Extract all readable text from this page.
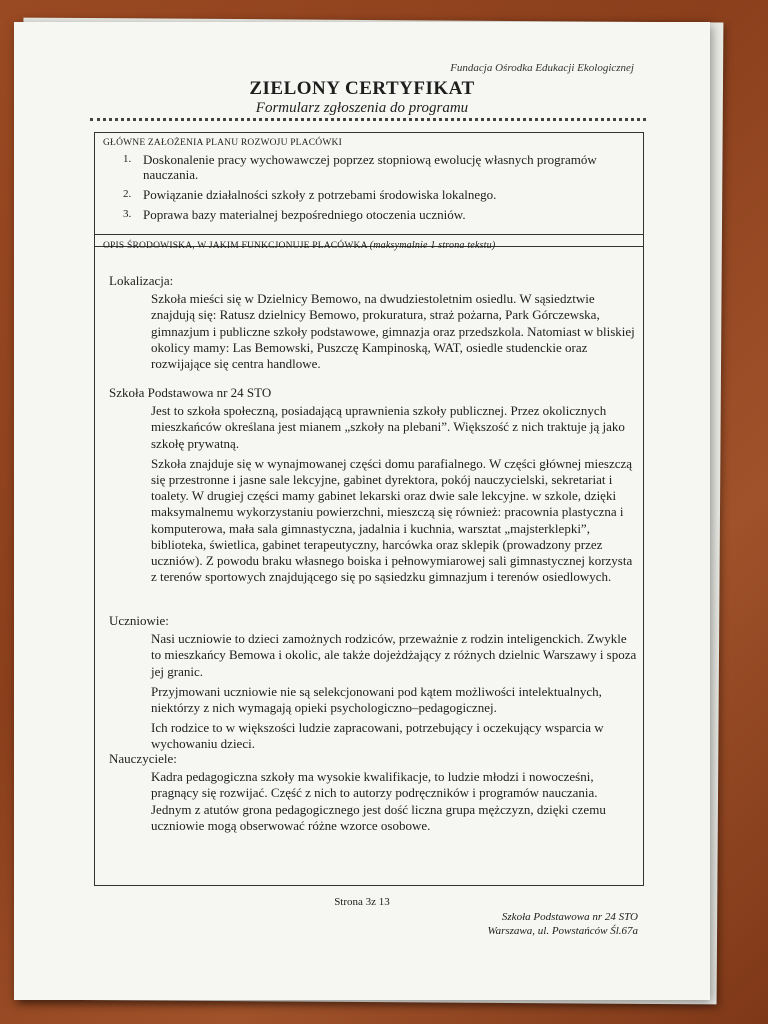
Fundacja Ośrodka Edukacji Ekologicznej
ZIELONY CERTYFIKAT
Formularz zgłoszenia do programu
GŁÓWNE ZAŁOŻENIA PLANU ROZWOJU PLACÓWKI
1. Doskonalenie pracy wychowawczej poprzez stopniową ewolucję własnych programów nauczania.
2. Powiązanie działalności szkoły z potrzebami środowiska lokalnego.
3. Poprawa bazy materialnej bezpośredniego otoczenia uczniów.
OPIS ŚRODOWISKA, W JAKIM FUNKCJONUJE PLACÓWKA (maksymalnie 1 strona tekstu)
Lokalizacja:
Szkoła mieści się w Dzielnicy Bemowo, na dwudziestoletnim osiedlu. W sąsiedztwie znajdują się: Ratusz dzielnicy Bemowo, prokuratura, straż pożarna, Park Górczewska, gimnazjum i publiczne szkoły podstawowe, gimnazja oraz przedszkola. Natomiast w bliskiej okolicy mamy: Las Bemowski, Puszczę Kampinoską, WAT, osiedle studenckie oraz rozwijające się centra handlowe.
Szkoła Podstawowa nr 24 STO
Jest to szkoła społeczną, posiadającą uprawnienia szkoły publicznej. Przez okolicznych mieszkańców określana jest mianem „szkoły na plebani”. Większość z nich traktuje ją jako szkołę prywatną.
Szkoła znajduje się w wynajmowanej części domu parafialnego. W części głównej mieszczą się przestronne i jasne sale lekcyjne, gabinet dyrektora, pokój nauczycielski, sekretariat i toalety. W drugiej części mamy gabinet lekarski oraz dwie sale lekcyjne. w szkole, dzięki maksymalnemu wykorzystaniu powierzchni, mieszczą się również: pracownia plastyczna i komputerowa, mała sala gimnastyczna, jadalnia i kuchnia, warsztat „majsterklepki”, biblioteka, świetlica, gabinet terapeutyczny, harcówka oraz sklepik (prowadzony przez uczniów). Z powodu braku własnego boiska i pełnowymiarowej sali gimnastycznej korzysta z terenów sportowych znajdującego się po sąsiedzku gimnazjum i terenów osiedlowych.
Uczniowie:
Nasi uczniowie to dzieci zamożnych rodziców, przeważnie z rodzin inteligenckich. Zwykle to mieszkańcy Bemowa i okolic, ale także dojeżdżający z różnych dzielnic Warszawy i spoza jej granic.
Przyjmowani uczniowie nie są selekcjonowani pod kątem możliwości intelektualnych, niektórzy z nich wymagają opieki psychologiczno–pedagogicznej.
Ich rodzice to w większości ludzie zapracowani, potrzebujący i oczekujący wsparcia w wychowaniu dzieci.
Nauczyciele:
Kadra pedagogiczna szkoły ma wysokie kwalifikacje, to ludzie młodzi i nowocześni, pragnący się rozwijać. Część z nich to autorzy podręczników i programów nauczania. Jednym z atutów grona pedagogicznego jest dość liczna grupa mężczyzn, dzięki czemu uczniowie mogą obserwować różne wzorce osobowe.
Strona 3z 13
Szkoła Podstawowa nr 24 STO
Warszawa, ul. Powstańców Śl.67a
